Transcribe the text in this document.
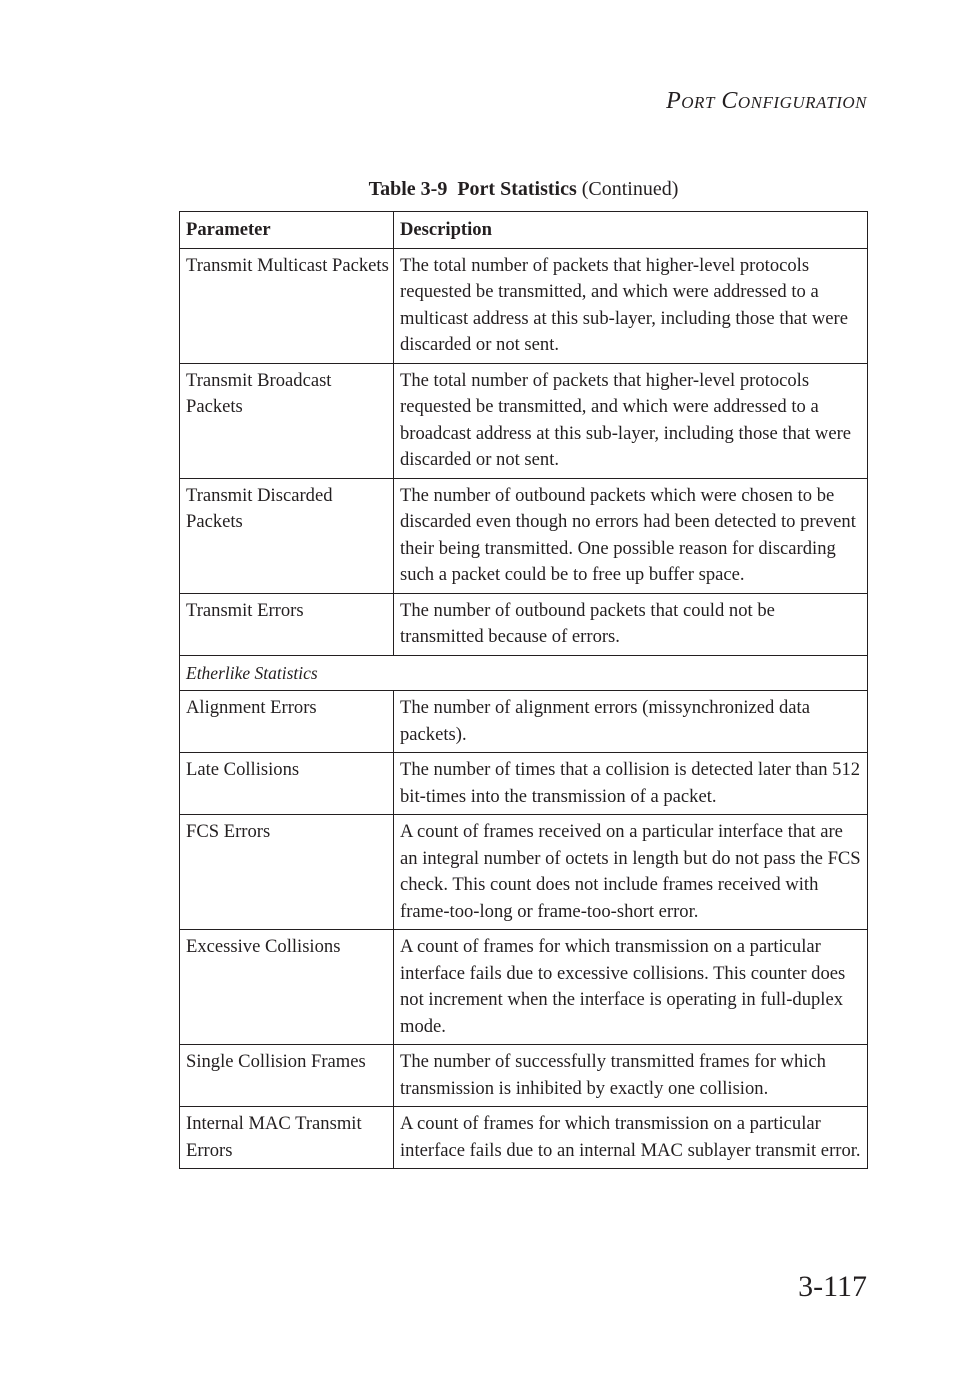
Port Configuration
Table 3-9 Port Statistics (Continued)
Parameter	Description
Transmit Multicast Packets	The total number of packets that higher-level protocols requested be transmitted, and which were addressed to a multicast address at this sub-layer, including those that were discarded or not sent.
Transmit Broadcast Packets	The total number of packets that higher-level protocols requested be transmitted, and which were addressed to a broadcast address at this sub-layer, including those that were discarded or not sent.
Transmit Discarded Packets	The number of outbound packets which were chosen to be discarded even though no errors had been detected to prevent their being transmitted. One possible reason for discarding such a packet could be to free up buffer space.
Transmit Errors	The number of outbound packets that could not be transmitted because of errors.
Etherlike Statistics	
Alignment Errors	The number of alignment errors (missynchronized data packets).
Late Collisions	The number of times that a collision is detected later than 512 bit-times into the transmission of a packet.
FCS Errors	A count of frames received on a particular interface that are an integral number of octets in length but do not pass the FCS check. This count does not include frames received with frame-too-long or frame-too-short error.
Excessive Collisions	A count of frames for which transmission on a particular interface fails due to excessive collisions. This counter does not increment when the interface is operating in full-duplex mode.
Single Collision Frames	The number of successfully transmitted frames for which transmission is inhibited by exactly one collision.
Internal MAC Transmit Errors	A count of frames for which transmission on a particular interface fails due to an internal MAC sublayer transmit error.
3-117
